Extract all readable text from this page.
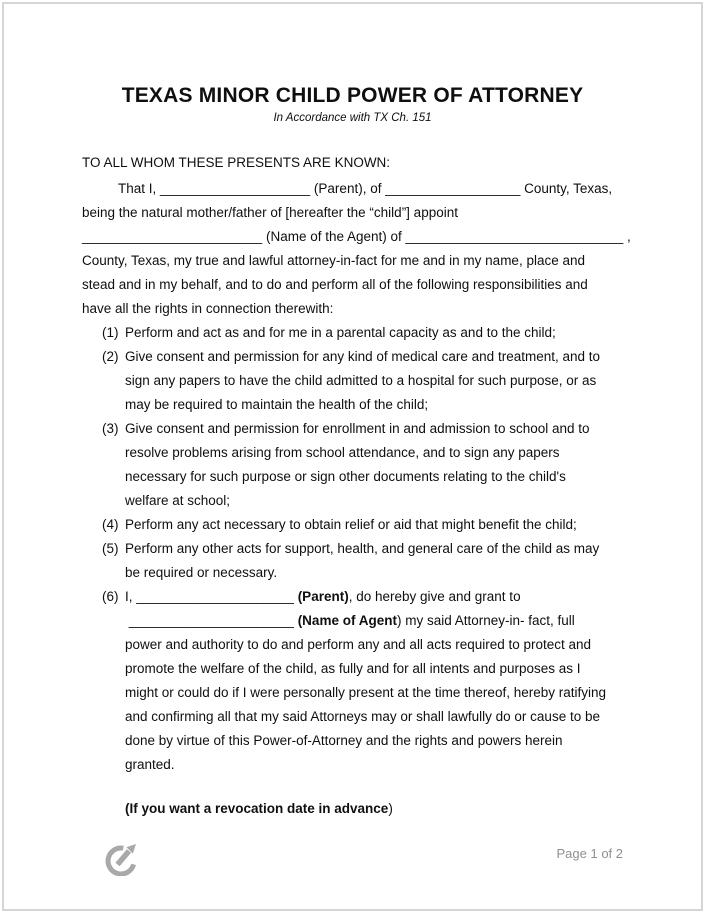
TEXAS MINOR CHILD POWER OF ATTORNEY
In Accordance with TX Ch. 151
TO ALL WHOM THESE PRESENTS ARE KNOWN:
That I, ____________________ (Parent), of __________________ County, Texas,
being the natural mother/father of [hereafter the “child”] appoint
________________________ (Name of the Agent) of _____________________________ ,
County, Texas, my true and lawful attorney-in-fact for me and in my name, place and
stead and in my behalf, and to do and perform all of the following responsibilities and
have all the rights in connection therewith:
(1) Perform and act as and for me in a parental capacity as and to the child;
(2) Give consent and permission for any kind of medical care and treatment, and to
sign any papers to have the child admitted to a hospital for such purpose, or as
may be required to maintain the health of the child;
(3) Give consent and permission for enrollment in and admission to school and to
resolve problems arising from school attendance, and to sign any papers
necessary for such purpose or sign other documents relating to the child's
welfare at school;
(4) Perform any act necessary to obtain relief or aid that might benefit the child;
(5) Perform any other acts for support, health, and general care of the child as may
be required or necessary.
(6) I, _____________________ (Parent), do hereby give and grant to
______________________ (Name of Agent) my said Attorney-in- fact, full
power and authority to do and perform any and all acts required to protect and
promote the welfare of the child, as fully and for all intents and purposes as I
might or could do if I were personally present at the time thereof, hereby ratifying
and confirming all that my said Attorneys may or shall lawfully do or cause to be
done by virtue of this Power-of-Attorney and the rights and powers herein
granted.
(If you want a revocation date in advance)
Page 1 of 2
